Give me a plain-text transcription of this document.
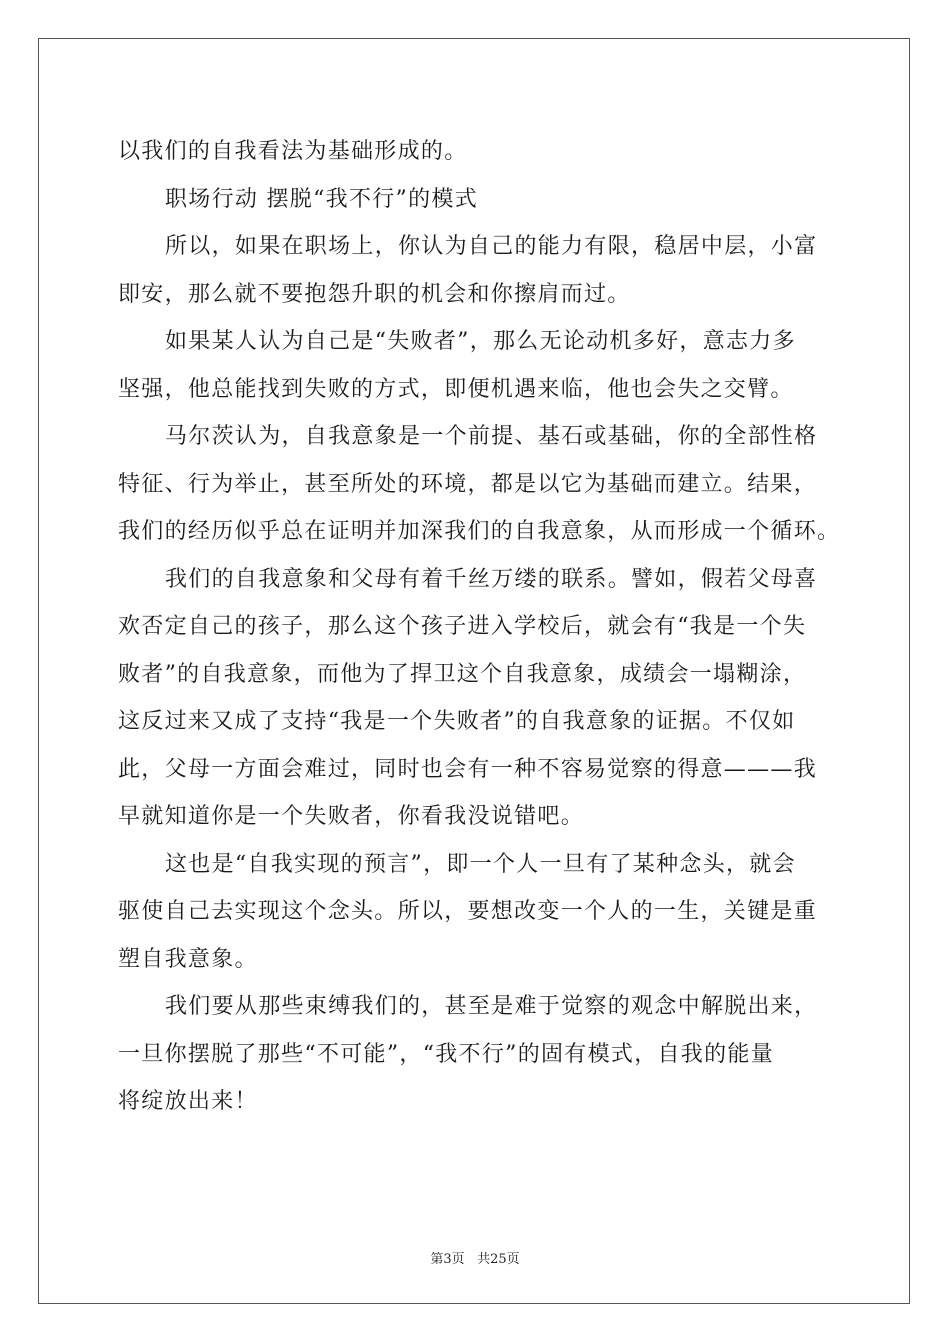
以我们的自我看法为基础形成的。
职场行动 摆脱“我不行”的模式
所以，如果在职场上，你认为自己的能力有限，稳居中层，小富
即安，那么就不要抱怨升职的机会和你擦肩而过。
如果某人认为自己是“失败者”，那么无论动机多好，意志力多
坚强，他总能找到失败的方式，即便机遇来临，他也会失之交臂。
马尔茨认为，自我意象是一个前提、基石或基础，你的全部性格
特征、行为举止，甚至所处的环境，都是以它为基础而建立。结果，
我们的经历似乎总在证明并加深我们的自我意象，从而形成一个循环。
我们的自我意象和父母有着千丝万缕的联系。譬如，假若父母喜
欢否定自己的孩子，那么这个孩子进入学校后，就会有“我是一个失
败者”的自我意象，而他为了捍卫这个自我意象，成绩会一塌糊涂，
这反过来又成了支持“我是一个失败者”的自我意象的证据。不仅如
此，父母一方面会难过，同时也会有一种不容易觉察的得意———我
早就知道你是一个失败者，你看我没说错吧。
这也是“自我实现的预言”，即一个人一旦有了某种念头，就会
驱使自己去实现这个念头。所以，要想改变一个人的一生，关键是重
塑自我意象。
我们要从那些束缚我们的，甚至是难于觉察的观念中解脱出来，
一旦你摆脱了那些“不可能”，“我不行”的固有模式，自我的能量
将绽放出来！
第3页 共25页
